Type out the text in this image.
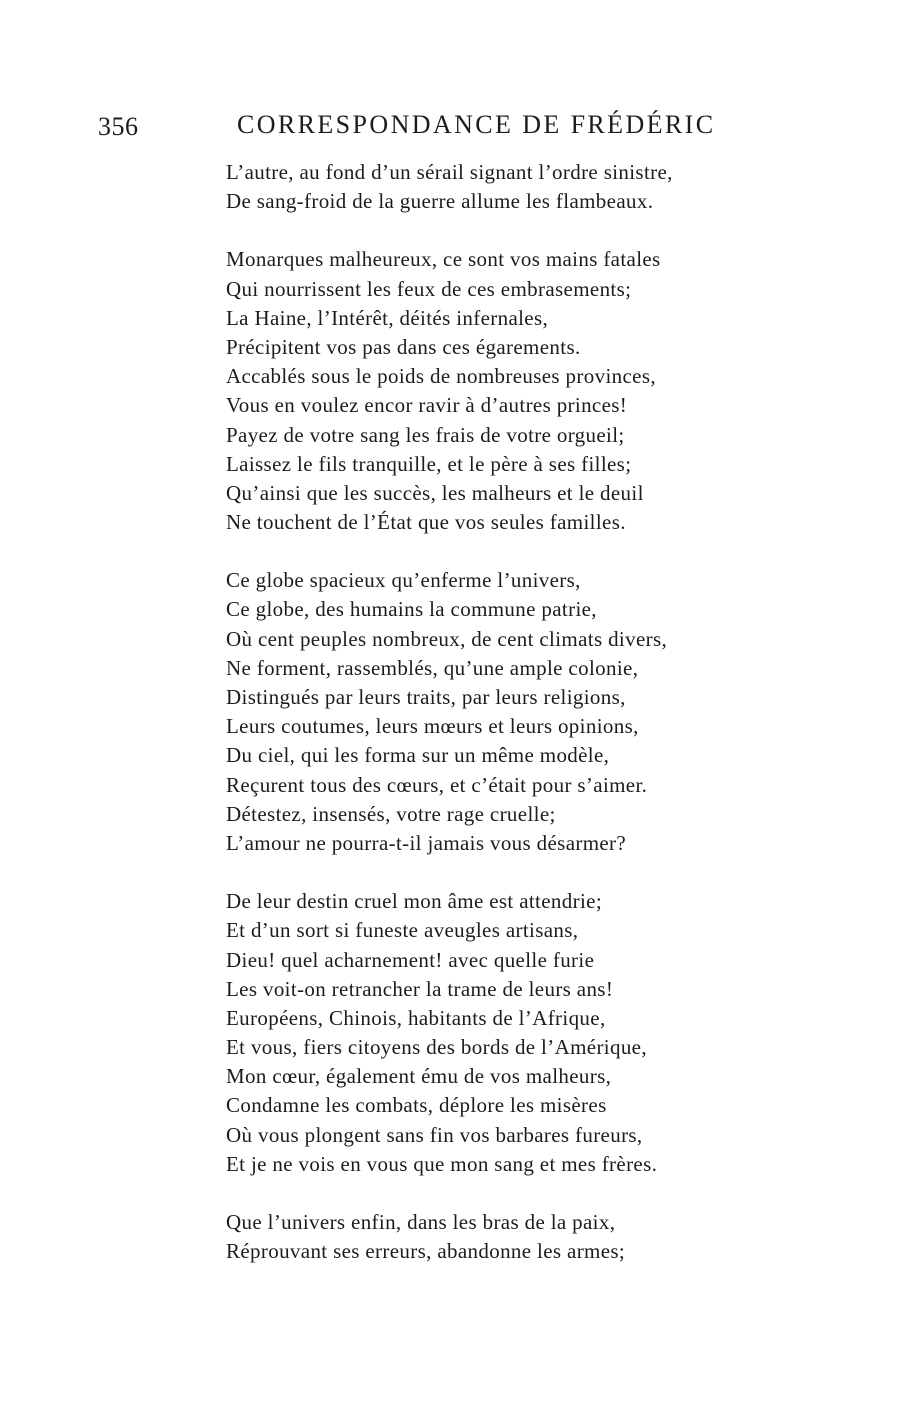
356	CORRESPONDANCE DE FRÉDÉRIC
L’autre, au fond d’un sérail signant l’ordre sinistre,
De sang-froid de la guerre allume les flambeaux.
Monarques malheureux, ce sont vos mains fatales
Qui nourrissent les feux de ces embrasements;
La Haine, l’Intérêt, déités infernales,
Précipitent vos pas dans ces égarements.
Accablés sous le poids de nombreuses provinces,
Vous en voulez encor ravir à d’autres princes!
Payez de votre sang les frais de votre orgueil;
Laissez le fils tranquille, et le père à ses filles;
Qu’ainsi que les succès, les malheurs et le deuil
Ne touchent de l’État que vos seules familles.
Ce globe spacieux qu’enferme l’univers,
Ce globe, des humains la commune patrie,
Où cent peuples nombreux, de cent climats divers,
Ne forment, rassemblés, qu’une ample colonie,
Distingués par leurs traits, par leurs religions,
Leurs coutumes, leurs mœurs et leurs opinions,
Du ciel, qui les forma sur un même modèle,
Reçurent tous des cœurs, et c’était pour s’aimer.
Détestez, insensés, votre rage cruelle;
L’amour ne pourra-t-il jamais vous désarmer?
De leur destin cruel mon âme est attendrie;
Et d’un sort si funeste aveugles artisans,
Dieu! quel acharnement! avec quelle furie
Les voit-on retrancher la trame de leurs ans!
Européens, Chinois, habitants de l’Afrique,
Et vous, fiers citoyens des bords de l’Amérique,
Mon cœur, également ému de vos malheurs,
Condamne les combats, déplore les misères
Où vous plongent sans fin vos barbares fureurs,
Et je ne vois en vous que mon sang et mes frères.
Que l’univers enfin, dans les bras de la paix,
Réprouvant ses erreurs, abandonne les armes;
